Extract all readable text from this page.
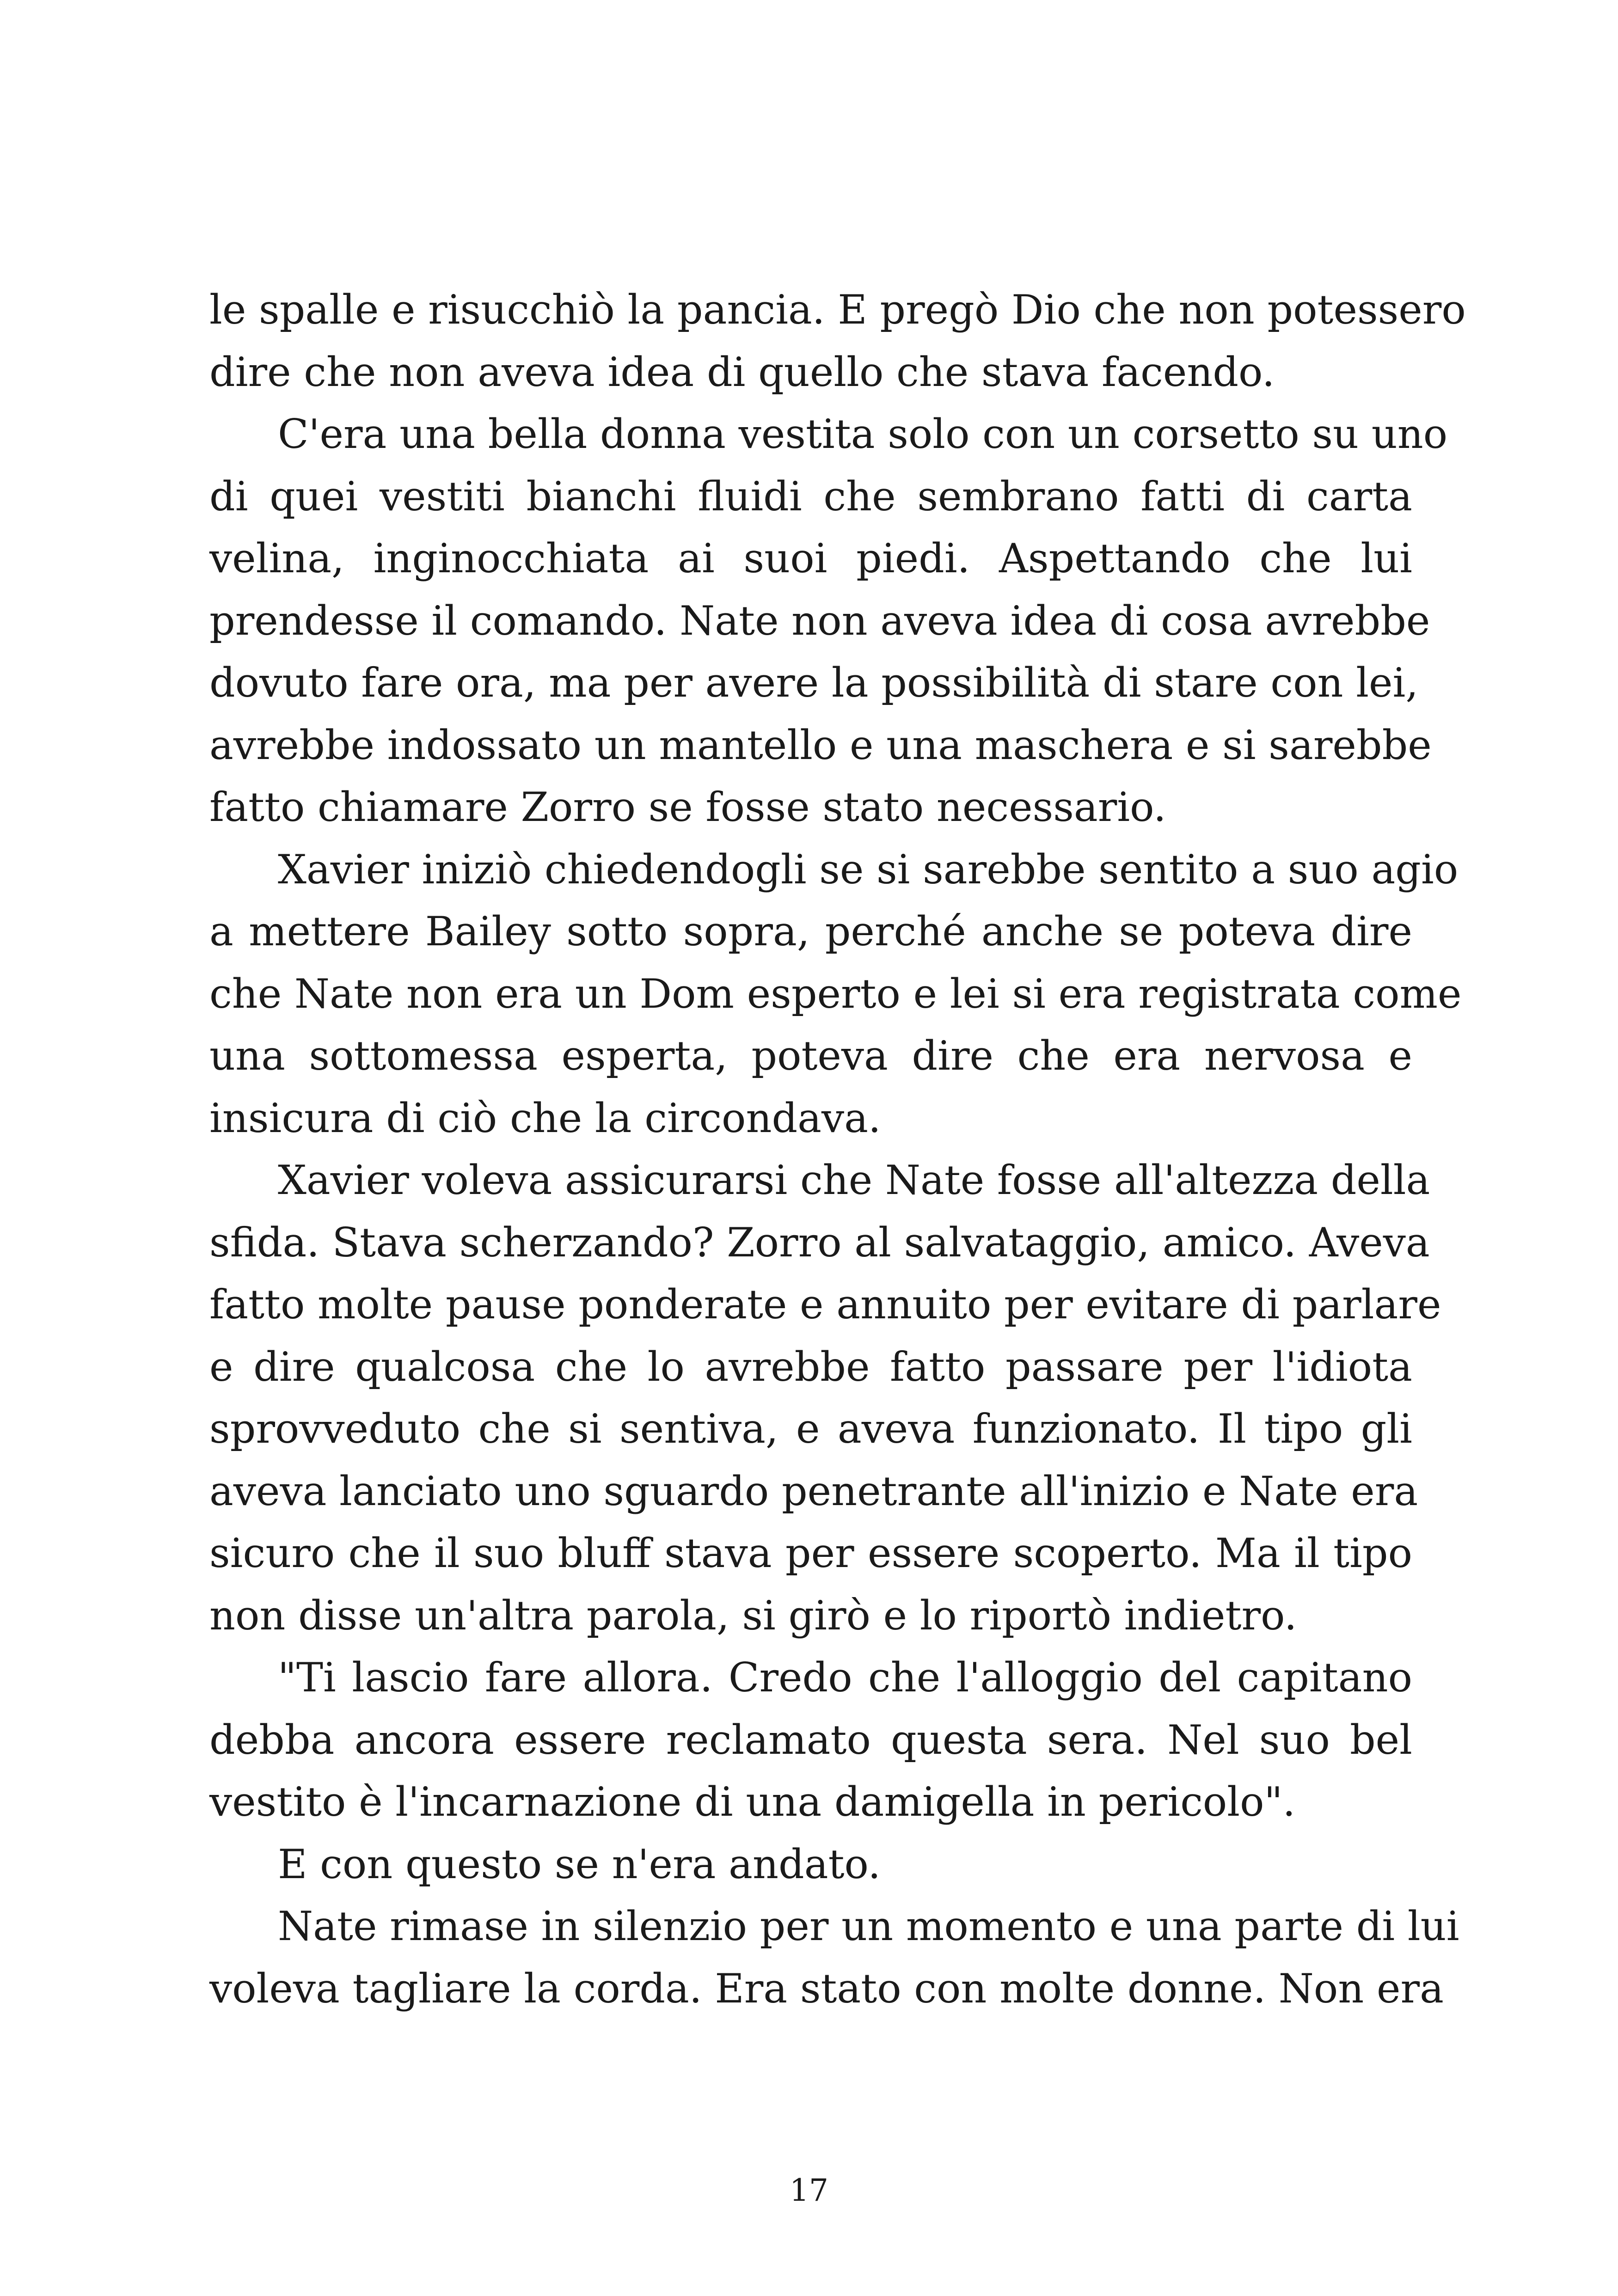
le spalle e risucchiò la pancia. E pregò Dio che non potessero
dire che non aveva idea di quello che stava facendo.
C'era una bella donna vestita solo con un corsetto su uno
di quei vestiti bianchi fluidi che sembrano fatti di carta
velina, inginocchiata ai suoi piedi. Aspettando che lui
prendesse il comando. Nate non aveva idea di cosa avrebbe
dovuto fare ora, ma per avere la possibilità di stare con lei,
avrebbe indossato un mantello e una maschera e si sarebbe
fatto chiamare Zorro se fosse stato necessario.
Xavier iniziò chiedendogli se si sarebbe sentito a suo agio
a mettere Bailey sotto sopra, perché anche se poteva dire
che Nate non era un Dom esperto e lei si era registrata come
una sottomessa esperta, poteva dire che era nervosa e
insicura di ciò che la circondava.
Xavier voleva assicurarsi che Nate fosse all'altezza della
sfida. Stava scherzando? Zorro al salvataggio, amico. Aveva
fatto molte pause ponderate e annuito per evitare di parlare
e dire qualcosa che lo avrebbe fatto passare per l'idiota
sprovveduto che si sentiva, e aveva funzionato. Il tipo gli
aveva lanciato uno sguardo penetrante all'inizio e Nate era
sicuro che il suo bluff stava per essere scoperto. Ma il tipo
non disse un'altra parola, si girò e lo riportò indietro.
"Ti lascio fare allora. Credo che l'alloggio del capitano
debba ancora essere reclamato questa sera. Nel suo bel
vestito è l'incarnazione di una damigella in pericolo".
E con questo se n'era andato.
Nate rimase in silenzio per un momento e una parte di lui
voleva tagliare la corda. Era stato con molte donne. Non era
17
